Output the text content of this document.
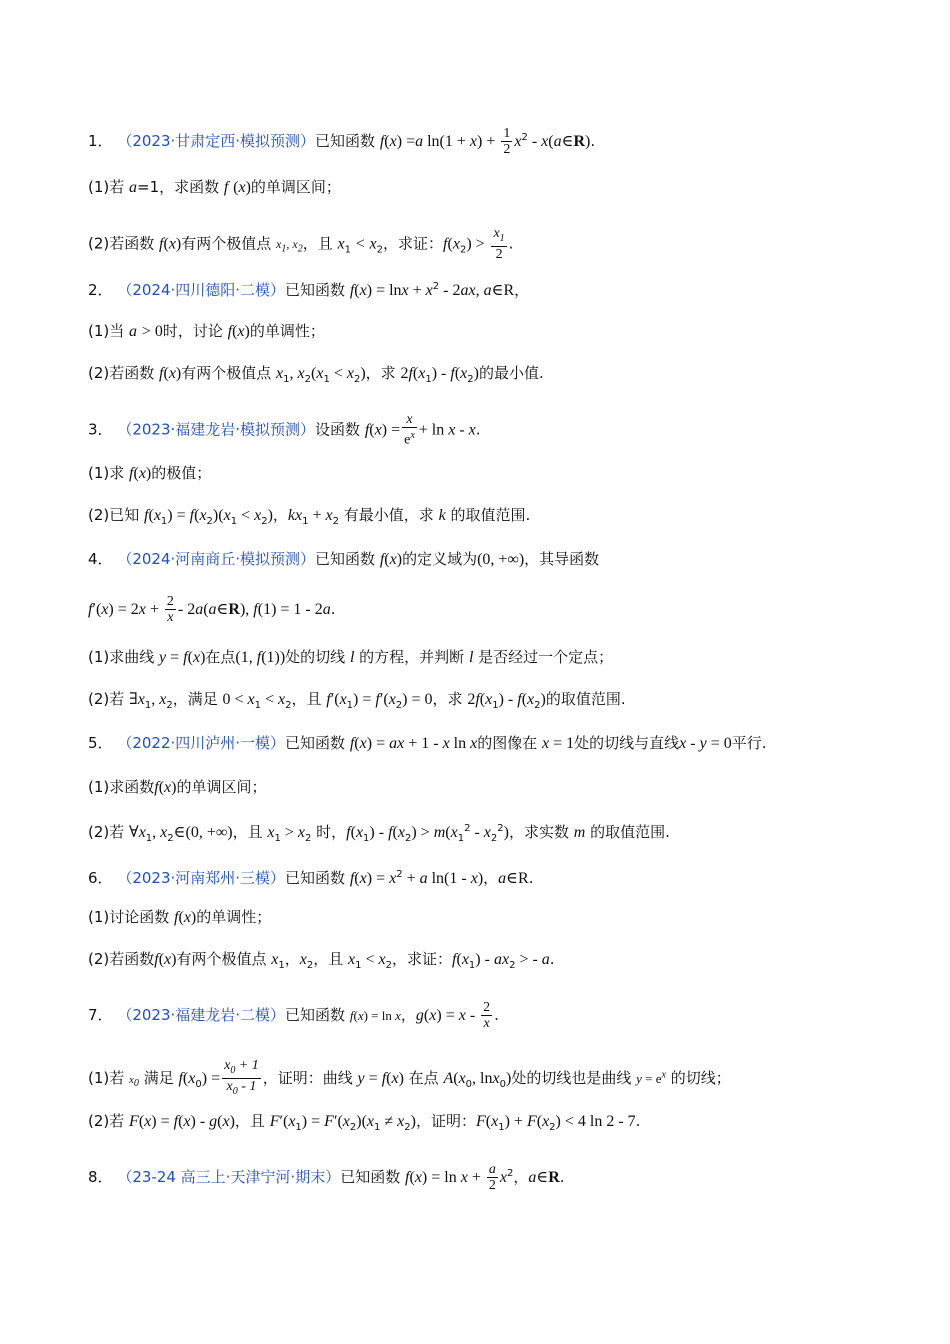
1． （2023·甘肃定西·模拟预测）已知函数 f(x) =a $\ln(1 + x) + \frac{1}{2} x^2$ - x(a∈R).
(1)若 a=1，求函数 f (x)的单调区间；
(2)若函数 f(x)有两个极值点 $x_1$, $x_2$，且 $x_1 < x_2$，求证：$f(x_2) > \frac{x_1}{2}$ .
2． （2024·四川德阳·二模）已知函数 $f(x) = \ln x + x^2 - 2ax$, a∈R，
(1)当 a > 0时，讨论 f(x)的单调性；
(2)若函数 f(x)有两个极值点 $x_1$, $x_2(x_1 < x_2)$，求 $2f(x_1) - f(x_2)$的最小值.
3． （2023·福建龙岩·模拟预测）设函数 $f(x) = \frac{x}{e^x} + \ln x - x$.
(1)求 f(x)的极值；
(2)已知 $f(x_1) = f(x_2)(x_1 < x_2)$，$kx_1 + x_2$ 有最小值，求 k 的取值范围.
4． （2024·河南商丘·模拟预测）已知函数 f(x)的定义域为(0, +∞)，其导函数
$f'(x) = 2x + \frac{2}{x}$ - 2a(a∈R), f(1) = 1 - 2a.
(1)求曲线 y = f(x)在点(1, f(1))处的切线 l 的方程，并判断 l 是否经过一个定点；
(2)若 $\exists x_1$, $x_2$，满足 $0 < x_1 < x_2$，且 $f'(x_1) = f'(x_2) = 0$，求 $2f(x_1) - f(x_2)$的取值范围.
5． （2022·四川泸州·一模）已知函数 f(x) = ax + 1 - x ln x的图像在 x = 1处的切线与直线x - y = 0平行.
(1)求函数f(x)的单调区间；
(2)若 $\forall x_1$, $x_2\in(0$, +∞)，且 $x_1 > x_2$ 时，$f(x_1) - f(x_2) > m(x_1^2 - x_2^2)$，求实数 m 的取值范围.
6． （2023·河南郑州·三模）已知函数 $f(x) = x^2 + a$ ln(1 - x)，a∈R.
(1)讨论函数 f(x)的单调性；
(2)若函数f(x)有两个极值点 $x_1$，$x_2$，且 $x_1 < x_2$，求证：$f(x_1) - ax_2$ > - a.
7． （2023·福建龙岩·二模）已知函数 f(x) = ln x，$g(x) = x - \frac{2}{x}$ .
(1)若 $x_0$ 满足 $f(x_0) = \frac{x_0 + 1}{x_0 - 1}$ ，证明：曲线 y = f(x) 在点 $A(x_0$, lnx$_0$)处的切线也是曲线 $y = e^x$ 的切线；
(2)若 F(x) = f(x) - g(x)，且 $F'(x_1) = F'(x_2)(x_1 \ne x_2)$，证明：$F(x_1) + F(x_2) < 4$ ln 2 - 7.
8． （23-24 高三上·天津宁河·期末）已知函数 $f(x) = \ln x + \frac{a}{2} x^2$，a∈R.
